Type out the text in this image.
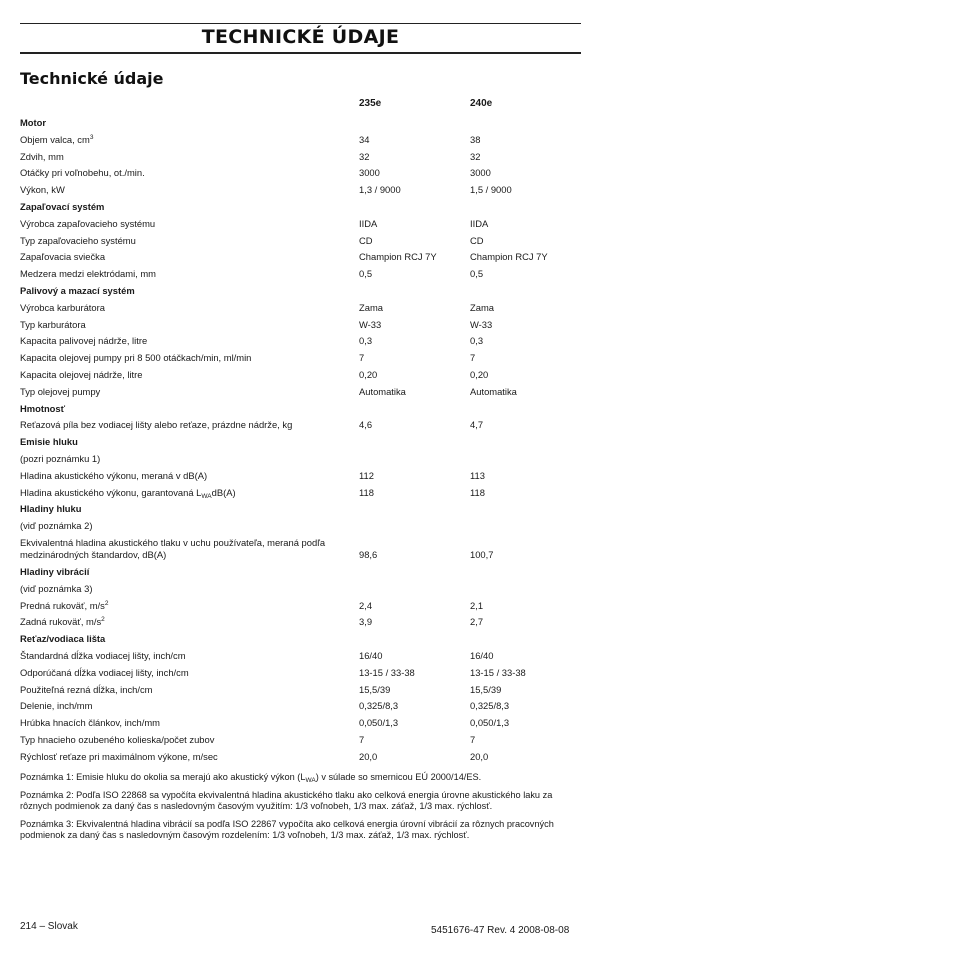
TECHNICKÉ ÚDAJE
Technické údaje
235e	240e
Motor
Objem valca, $cm^3$	34	38
Zdvih, mm	32	32
Otáčky pri voľnobehu, ot./min.	3000	3000
Výkon, kW	1,3 / 9000	1,5 / 9000
Zapaľovací systém
Výrobca zapaľovacieho systému	IIDA	IIDA
Typ zapaľovacieho systému	CD	CD
Zapaľovacia sviečka	Champion RCJ 7Y	Champion RCJ 7Y
Medzera medzi elektródami, mm	0,5	0,5
Palivový a mazací systém
Výrobca karburátora	Zama	Zama
Typ karburátora	W-33	W-33
Kapacita palivovej nádrže, litre	0,3	0,3
Kapacita olejovej pumpy pri 8 500 otáčkach/min, ml/min	7	7
Kapacita olejovej nádrže, litre	0,20	0,20
Typ olejovej pumpy	Automatika	Automatika
Hmotnosť
Reťazová píla bez vodiacej lišty alebo reťaze, prázdne nádrže, kg	4,6	4,7
Emisie hluku
(pozri poznámku 1)
Hladina akustického výkonu, meraná v dB(A)	112	113
Hladina akustického výkonu, garantovaná $L_{WA}dB(A)$	118	118
Hladiny hluku
(viď poznámka 2)
Ekvivalentná hladina akustického tlaku v uchu používateľa, meraná podľa medzinárodných štandardov, dB(A)	98,6	100,7
Hladiny vibrácií
(viď poznámka 3)
Predná rukoväť, $m/s^2$	2,4	2,1
Zadná rukoväť, $m/s^2$	3,9	2,7
Reťaz/vodiaca lišta
Štandardná dĺžka vodiacej lišty, inch/cm	16/40	16/40
Odporúčaná dĺžka vodiacej lišty, inch/cm	13-15 / 33-38	13-15 / 33-38
Použiteľná rezná dĺžka, inch/cm	15,5/39	15,5/39
Delenie, inch/mm	0,325/8,3	0,325/8,3
Hrúbka hnacích článkov, inch/mm	0,050/1,3	0,050/1,3
Typ hnacieho ozubeného kolieska/počet zubov	7	7
Rýchlosť reťaze pri maximálnom výkone, m/sec	20,0	20,0
Poznámka 1: Emisie hluku do okolia sa merajú ako akustický výkon $(L_{WA})$ v súlade so smernicou EÚ 2000/14/ES.
Poznámka 2: Podľa ISO 22868 sa vypočíta ekvivalentná hladina akustického tlaku ako celková energia úrovne akustického laku za rôznych podmienok za daný čas s nasledovným časovým využitím: 1/3 voľnobeh, 1/3 max. záťaž, 1/3 max. rýchlosť.
Poznámka 3: Ekvivalentná hladina vibrácií sa podľa ISO 22867 vypočíta ako celková energia úrovní vibrácií za rôznych pracovných podmienok za daný čas s nasledovným časovým rozdelením: 1/3 voľnobeh, 1/3 max. záťaž, 1/3 max. rýchlosť.
214 – Slovak	5451676-47 Rev. 4 2008-08-08
